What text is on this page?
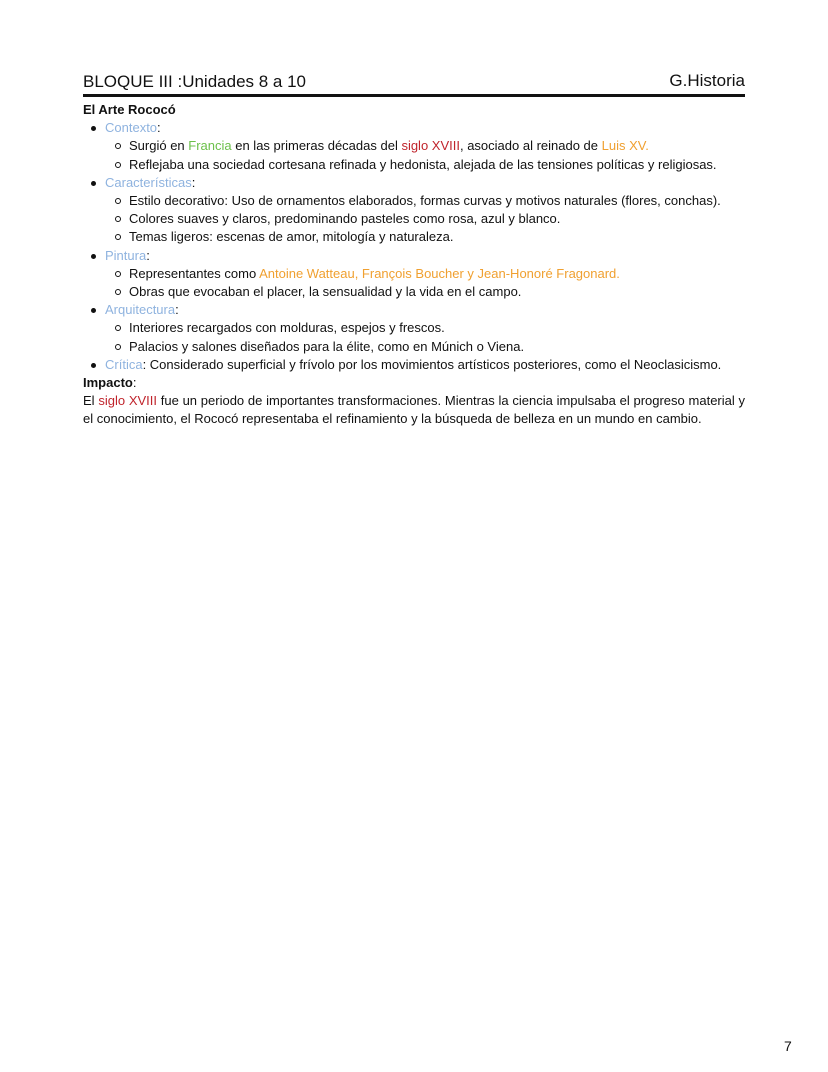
BLOQUE III :Unidades 8 a 10	G.Historia
El Arte Rococó
Contexto:
Surgió en Francia en las primeras décadas del siglo XVIII, asociado al reinado de Luis XV.
Reflejaba una sociedad cortesana refinada y hedonista, alejada de las tensiones políticas y religiosas.
Características:
Estilo decorativo: Uso de ornamentos elaborados, formas curvas y motivos naturales (flores, conchas).
Colores suaves y claros, predominando pasteles como rosa, azul y blanco.
Temas ligeros: escenas de amor, mitología y naturaleza.
Pintura:
Representantes como Antoine Watteau, François Boucher y Jean-Honoré Fragonard.
Obras que evocaban el placer, la sensualidad y la vida en el campo.
Arquitectura:
Interiores recargados con molduras, espejos y frescos.
Palacios y salones diseñados para la élite, como en Múnich o Viena.
Crítica: Considerado superficial y frívolo por los movimientos artísticos posteriores, como el Neoclasicismo.
Impacto:
El siglo XVIII fue un periodo de importantes transformaciones. Mientras la ciencia impulsaba el progreso material y el conocimiento, el Rococó representaba el refinamiento y la búsqueda de belleza en un mundo en cambio.
7
